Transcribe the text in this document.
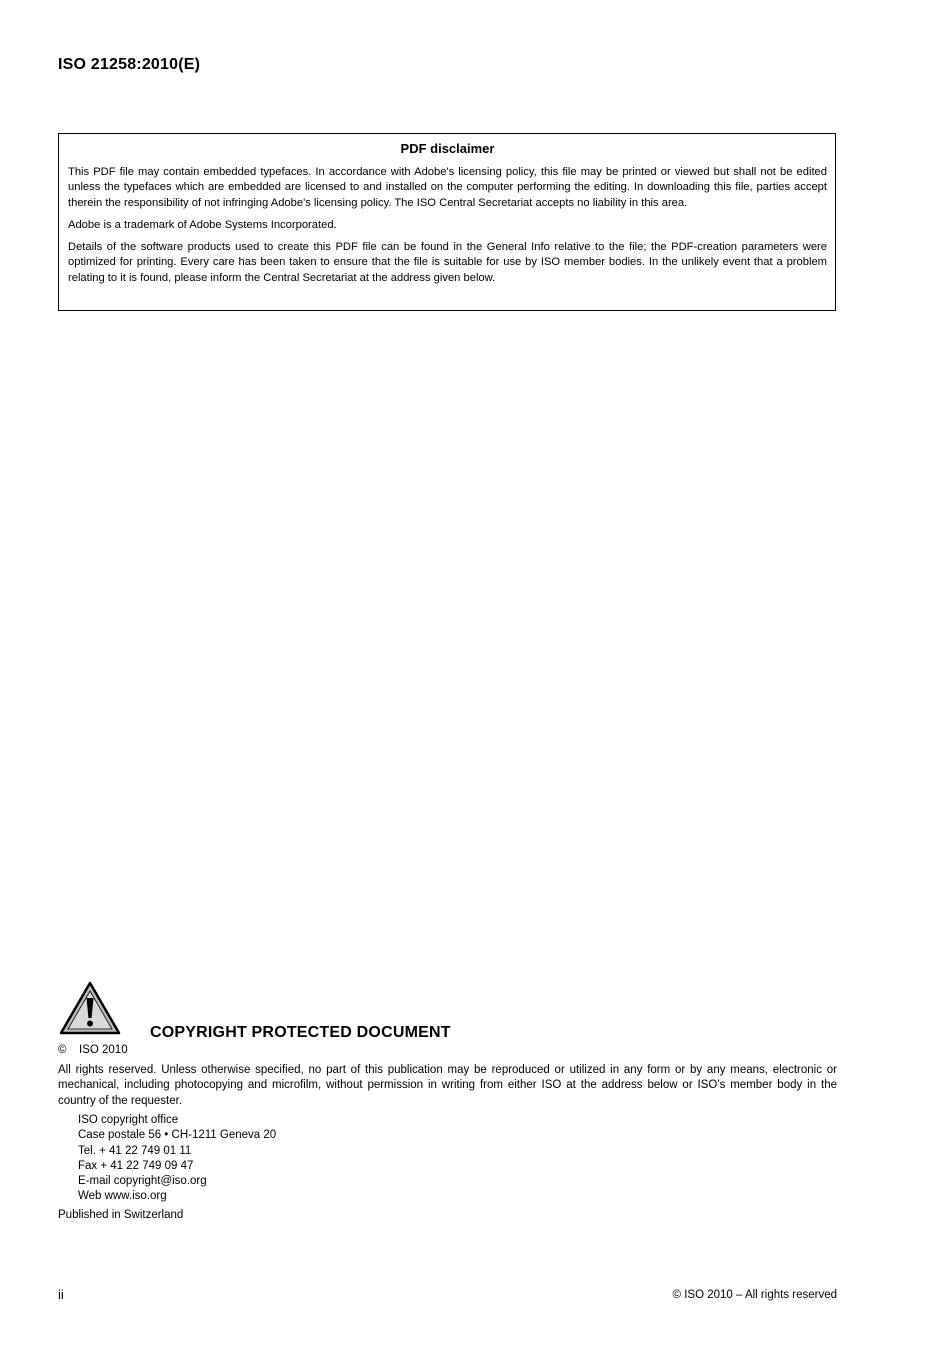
ISO 21258:2010(E)
PDF disclaimer

This PDF file may contain embedded typefaces. In accordance with Adobe's licensing policy, this file may be printed or viewed but shall not be edited unless the typefaces which are embedded are licensed to and installed on the computer performing the editing. In downloading this file, parties accept therein the responsibility of not infringing Adobe's licensing policy. The ISO Central Secretariat accepts no liability in this area.

Adobe is a trademark of Adobe Systems Incorporated.

Details of the software products used to create this PDF file can be found in the General Info relative to the file; the PDF-creation parameters were optimized for printing. Every care has been taken to ensure that the file is suitable for use by ISO member bodies. In the unlikely event that a problem relating to it is found, please inform the Central Secretariat at the address given below.

COPYRIGHT PROTECTED DOCUMENT
© ISO 2010

All rights reserved. Unless otherwise specified, no part of this publication may be reproduced or utilized in any form or by any means, electronic or mechanical, including photocopying and microfilm, without permission in writing from either ISO at the address below or ISO's member body in the country of the requester.

ISO copyright office
Case postale 56 • CH-1211 Geneva 20
Tel. + 41 22 749 01 11
Fax + 41 22 749 09 47
E-mail copyright@iso.org
Web www.iso.org
Published in Switzerland
ii	© ISO 2010 – All rights reserved
